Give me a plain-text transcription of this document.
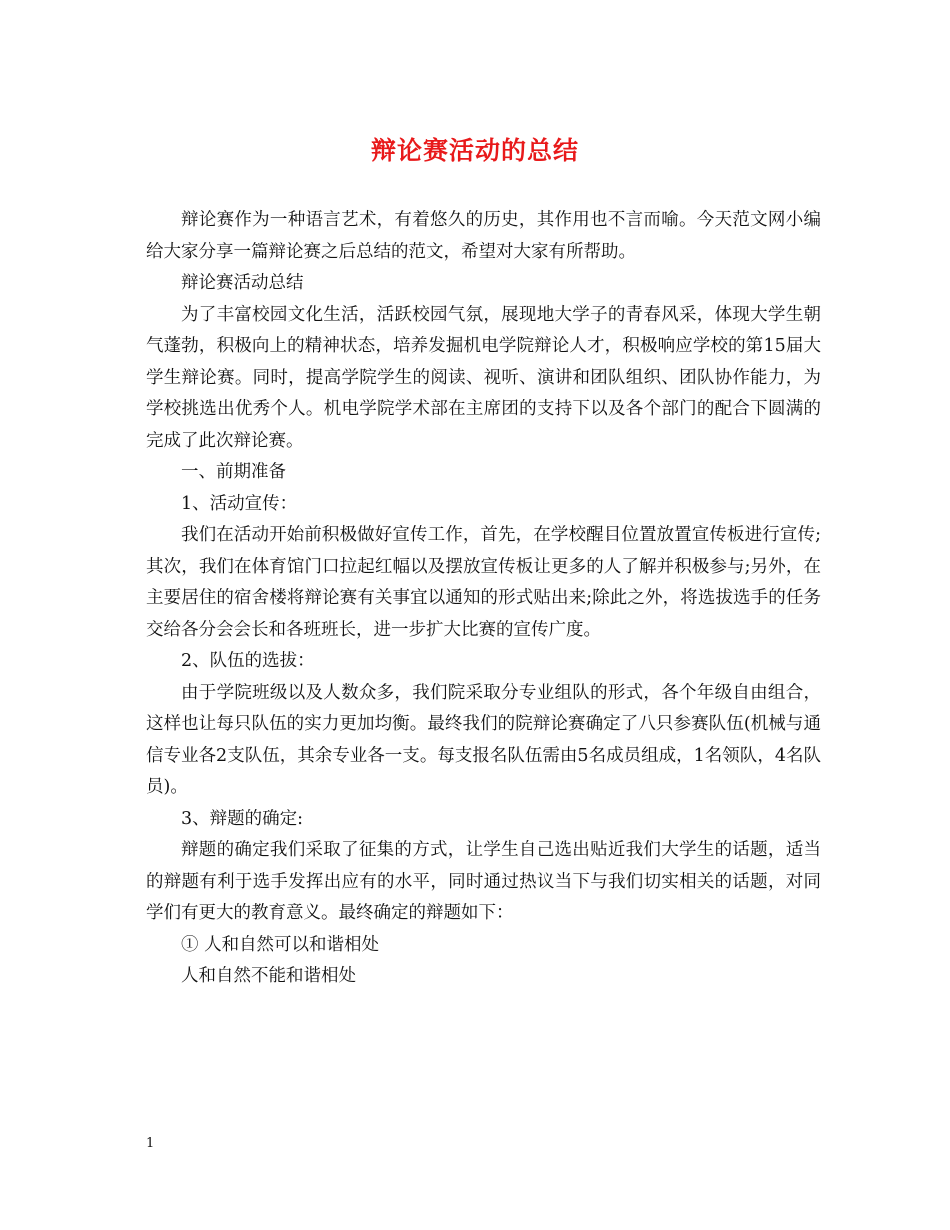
辩论赛活动的总结

辩论赛作为一种语言艺术，有着悠久的历史，其作用也不言而喻。今天范文网小编给大家分享一篇辩论赛之后总结的范文，希望对大家有所帮助。

辩论赛活动总结

为了丰富校园文化生活，活跃校园气氛，展现地大学子的青春风采，体现大学生朝气蓬勃，积极向上的精神状态，培养发掘机电学院辩论人才，积极响应学校的第15届大学生辩论赛。同时，提高学院学生的阅读、视听、演讲和团队组织、团队协作能力，为学校挑选出优秀个人。机电学院学术部在主席团的支持下以及各个部门的配合下圆满的完成了此次辩论赛。

一、前期准备

1、活动宣传：

我们在活动开始前积极做好宣传工作，首先，在学校醒目位置放置宣传板进行宣传;其次，我们在体育馆门口拉起红幅以及摆放宣传板让更多的人了解并积极参与;另外，在主要居住的宿舍楼将辩论赛有关事宜以通知的形式贴出来;除此之外，将选拔选手的任务交给各分会会长和各班班长，进一步扩大比赛的宣传广度。

2、队伍的选拔：

由于学院班级以及人数众多，我们院采取分专业组队的形式，各个年级自由组合，这样也让每只队伍的实力更加均衡。最终我们的院辩论赛确定了八只参赛队伍(机械与通信专业各2支队伍，其余专业各一支。每支报名队伍需由5名成员组成，1名领队，4名队员)。

3、辩题的确定:

辩题的确定我们采取了征集的方式，让学生自己选出贴近我们大学生的话题，适当的辩题有利于选手发挥出应有的水平，同时通过热议当下与我们切实相关的话题，对同学们有更大的教育意义。最终确定的辩题如下：

① 人和自然可以和谐相处

人和自然不能和谐相处

1
